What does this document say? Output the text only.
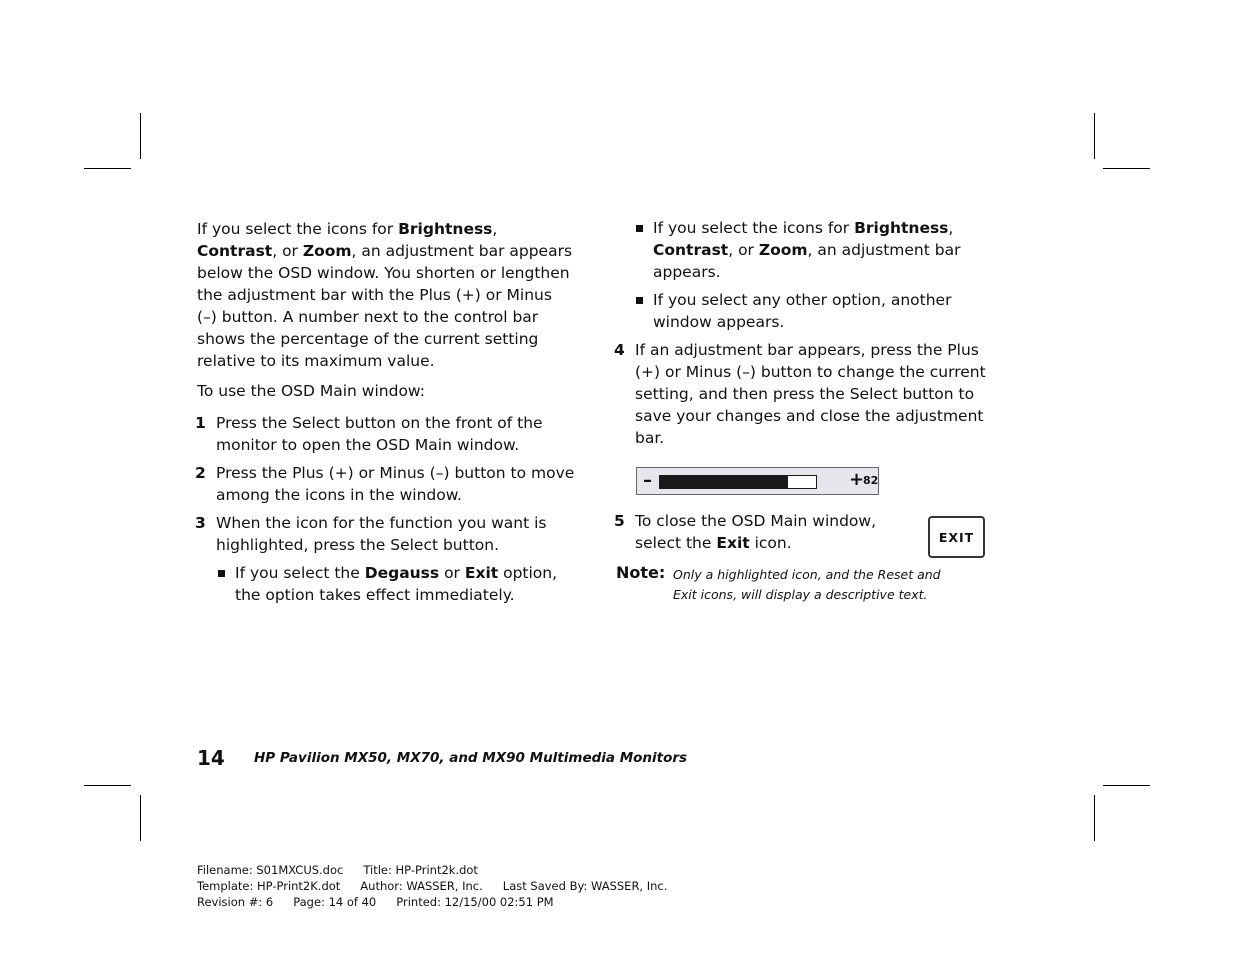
If you select the icons for Brightness, Contrast, or Zoom, an adjustment bar appears below the OSD window. You shorten or lengthen the adjustment bar with the Plus (+) or Minus (–) button. A number next to the control bar shows the percentage of the current setting relative to its maximum value.

To use the OSD Main window:

1 Press the Select button on the front of the monitor to open the OSD Main window.
2 Press the Plus (+) or Minus (–) button to move among the icons in the window.
3 When the icon for the function you want is highlighted, press the Select button.
If you select the Degauss or Exit option, the option takes effect immediately.
If you select the icons for Brightness, Contrast, or Zoom, an adjustment bar appears.
If you select any other option, another window appears.
4 If an adjustment bar appears, press the Plus (+) or Minus (–) button to change the current setting, and then press the Select button to save your changes and close the adjustment bar.
–	+
82
5 To close the OSD Main window, select the Exit icon.	EXIT
Note: Only a highlighted icon, and the Reset and Exit icons, will display a descriptive text.
14 HP Pavilion MX50, MX70, and MX90 Multimedia Monitors
Filename: S01MXCUS.doc Title: HP-Print2k.dot
Template: HP-Print2K.dot Author: WASSER, Inc. Last Saved By: WASSER, Inc.
Revision #: 6 Page: 14 of 40 Printed: 12/15/00 02:51 PM
